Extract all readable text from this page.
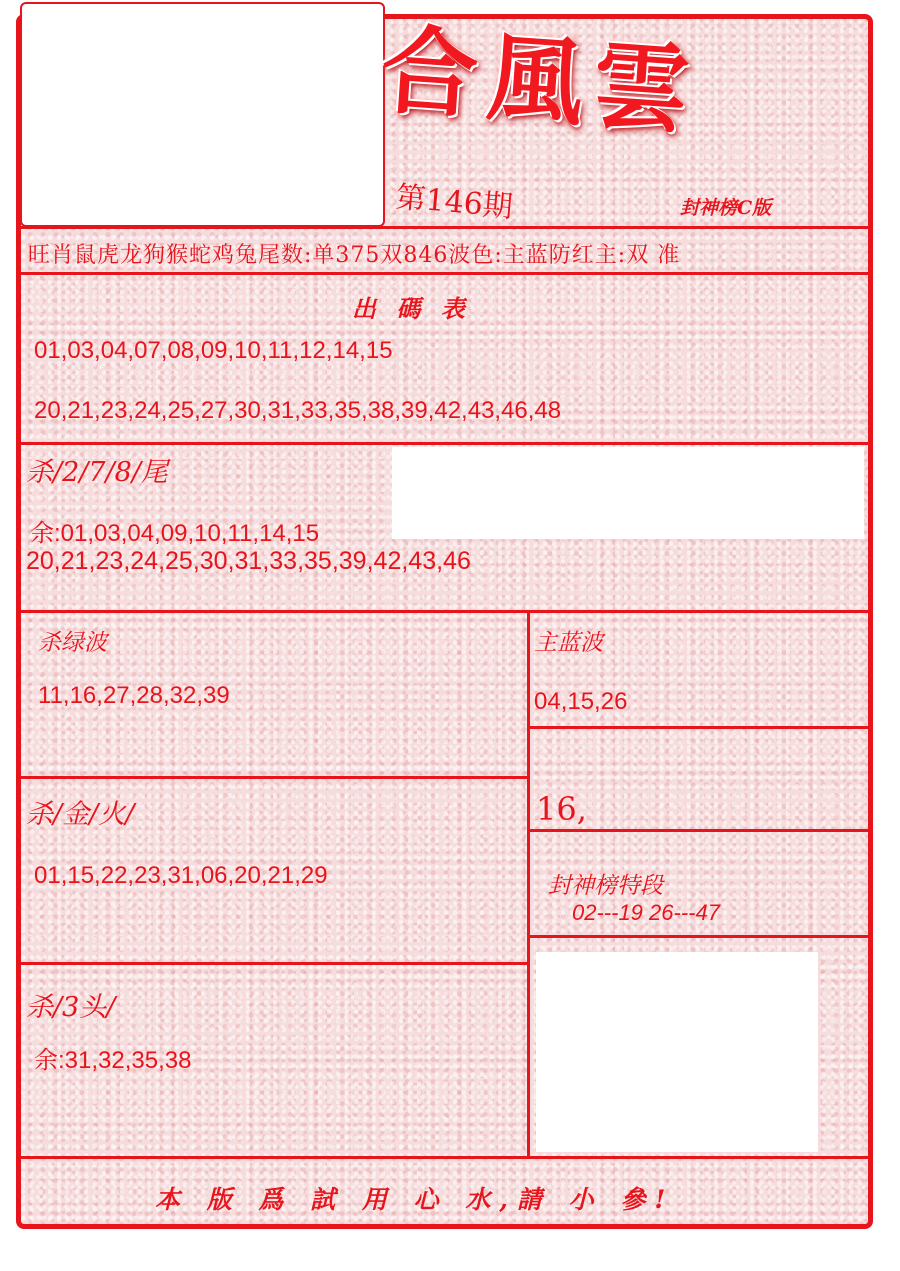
合風雲
第146期	封神榜C版
旺肖鼠虎龙狗猴蛇鸡兔尾数:单375双846波色:主蓝防红主:双 准
出 碼 表
01,03,04,07,08,09,10,11,12,14,15
20,21,23,24,25,27,30,31,33,35,38,39,42,43,46,48
杀/2/7/8/尾
余:01,03,04,09,10,11,14,15
20,21,23,24,25,30,31,33,35,39,42,43,46
杀绿波
11,16,27,28,32,39
主蓝波
04,15,26
16,
杀/金/火/
01,15,22,23,31,06,20,21,29	封神榜特段
02---19 26---47
杀/3头/
余:31,32,35,38
本 版 爲 試 用 心 水,請 小 參!
